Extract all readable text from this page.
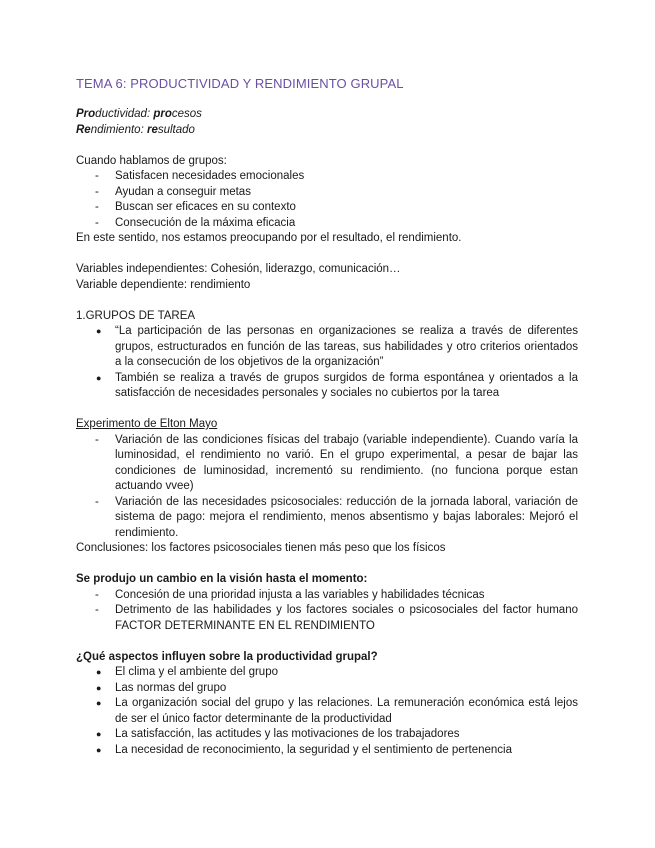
TEMA 6: PRODUCTIVIDAD Y RENDIMIENTO GRUPAL
Productividad: procesos
Rendimiento: resultado
Cuando hablamos de grupos:
- Satisfacen necesidades emocionales
- Ayudan a conseguir metas
- Buscan ser eficaces en su contexto
- Consecución de la máxima eficacia
En este sentido, nos estamos preocupando por el resultado, el rendimiento.
Variables independientes: Cohesión, liderazgo, comunicación…
Variable dependiente: rendimiento
1.GRUPOS DE TAREA
● “La participación de las personas en organizaciones se realiza a través de diferentes grupos, estructurados en función de las tareas, sus habilidades y otro criterios orientados a la consecución de los objetivos de la organización”
● También se realiza a través de grupos surgidos de forma espontánea y orientados a la satisfacción de necesidades personales y sociales no cubiertos por la tarea
Experimento de Elton Mayo
- Variación de las condiciones físicas del trabajo (variable independiente). Cuando varía la luminosidad, el rendimiento no varió. En el grupo experimental, a pesar de bajar las condiciones de luminosidad, incrementó su rendimiento. (no funciona porque estan actuando vvee)
- Variación de las necesidades psicosociales: reducción de la jornada laboral, variación de sistema de pago: mejora el rendimiento, menos absentismo y bajas laborales: Mejoró el rendimiento.
Conclusiones: los factores psicosociales tienen más peso que los físicos
Se produjo un cambio en la visión hasta el momento:
- Concesión de una prioridad injusta a las variables y habilidades técnicas
- Detrimento de las habilidades y los factores sociales o psicosociales del factor humano FACTOR DETERMINANTE EN EL RENDIMIENTO
¿Qué aspectos influyen sobre la productividad grupal?
● El clima y el ambiente del grupo
● Las normas del grupo
● La organización social del grupo y las relaciones. La remuneración económica está lejos de ser el único factor determinante de la productividad
● La satisfacción, las actitudes y las motivaciones de los trabajadores
● La necesidad de reconocimiento, la seguridad y el sentimiento de pertenencia
